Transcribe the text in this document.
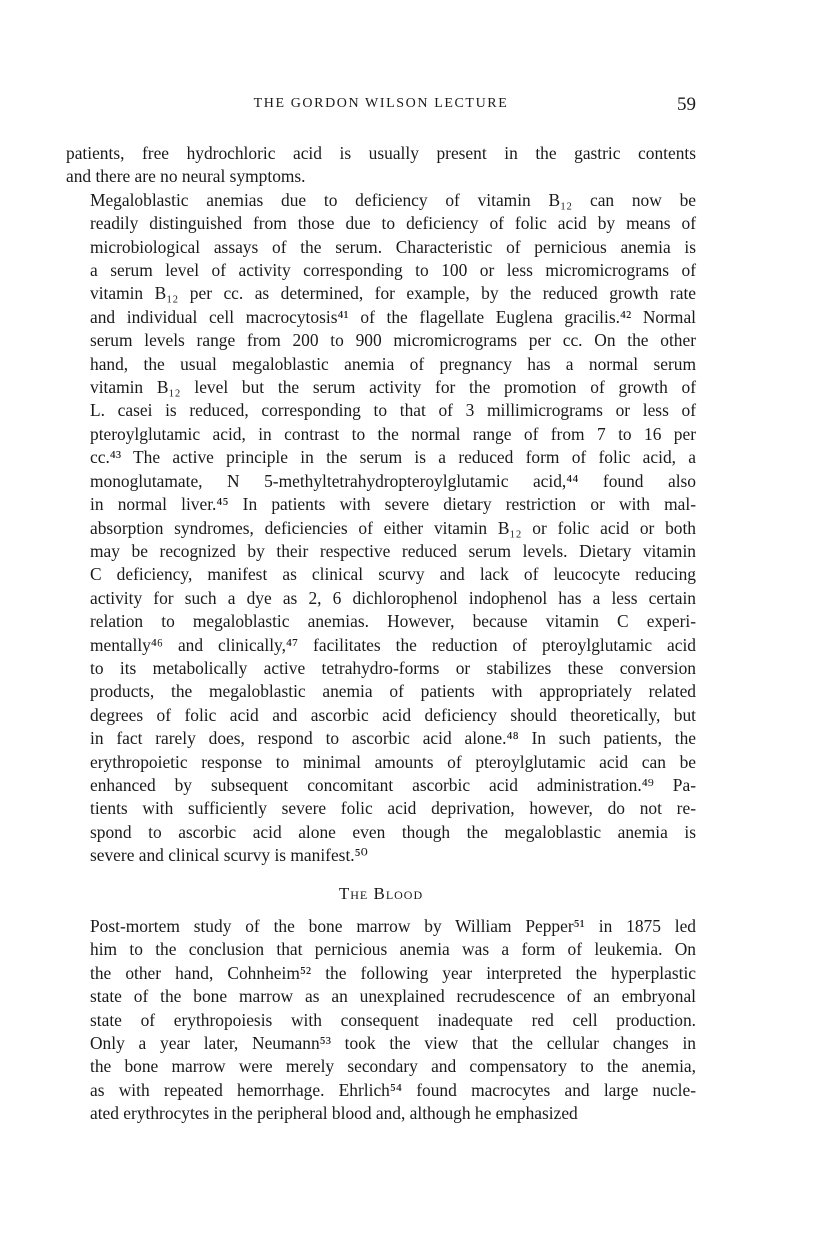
THE GORDON WILSON LECTURE	59

patients, free hydrochloric acid is usually present in the gastric contents
and there are no neural symptoms.

Megaloblastic anemias due to deficiency of vitamin B₁₂ can now be
readily distinguished from those due to deficiency of folic acid by means of
microbiological assays of the serum. Characteristic of pernicious anemia is
a serum level of activity corresponding to 100 or less micromicrograms of
vitamin B₁₂ per cc. as determined, for example, by the reduced growth rate
and individual cell macrocytosis⁴¹ of the flagellate Euglena gracilis.⁴² Normal
serum levels range from 200 to 900 micromicrograms per cc. On the other
hand, the usual megaloblastic anemia of pregnancy has a normal serum
vitamin B₁₂ level but the serum activity for the promotion of growth of
L. casei is reduced, corresponding to that of 3 millimicrograms or less of
pteroylglutamic acid, in contrast to the normal range of from 7 to 16 per
cc.⁴³ The active principle in the serum is a reduced form of folic acid, a
monoglutamate, N 5-methyltetrahydropteroylglutamic acid,⁴⁴ found also
in normal liver.⁴⁵ In patients with severe dietary restriction or with mal-
absorption syndromes, deficiencies of either vitamin B₁₂ or folic acid or both
may be recognized by their respective reduced serum levels. Dietary vitamin
C deficiency, manifest as clinical scurvy and lack of leucocyte reducing
activity for such a dye as 2, 6 dichlorophenol indophenol has a less certain
relation to megaloblastic anemias. However, because vitamin C experi-
mentally⁴⁶ and clinically,⁴⁷ facilitates the reduction of pteroylglutamic acid
to its metabolically active tetrahydro-forms or stabilizes these conversion
products, the megaloblastic anemia of patients with appropriately related
degrees of folic acid and ascorbic acid deficiency should theoretically, but
in fact rarely does, respond to ascorbic acid alone.⁴⁸ In such patients, the
erythropoietic response to minimal amounts of pteroylglutamic acid can be
enhanced by subsequent concomitant ascorbic acid administration.⁴⁹ Pa-
tients with sufficiently severe folic acid deprivation, however, do not re-
spond to ascorbic acid alone even though the megaloblastic anemia is
severe and clinical scurvy is manifest.⁵⁰

The Blood

Post-mortem study of the bone marrow by William Pepper⁵¹ in 1875 led
him to the conclusion that pernicious anemia was a form of leukemia. On
the other hand, Cohnheim⁵² the following year interpreted the hyperplastic
state of the bone marrow as an unexplained recrudescence of an embryonal
state of erythropoiesis with consequent inadequate red cell production.
Only a year later, Neumann⁵³ took the view that the cellular changes in
the bone marrow were merely secondary and compensatory to the anemia,
as with repeated hemorrhage. Ehrlich⁵⁴ found macrocytes and large nucle-
ated erythrocytes in the peripheral blood and, although he emphasized
